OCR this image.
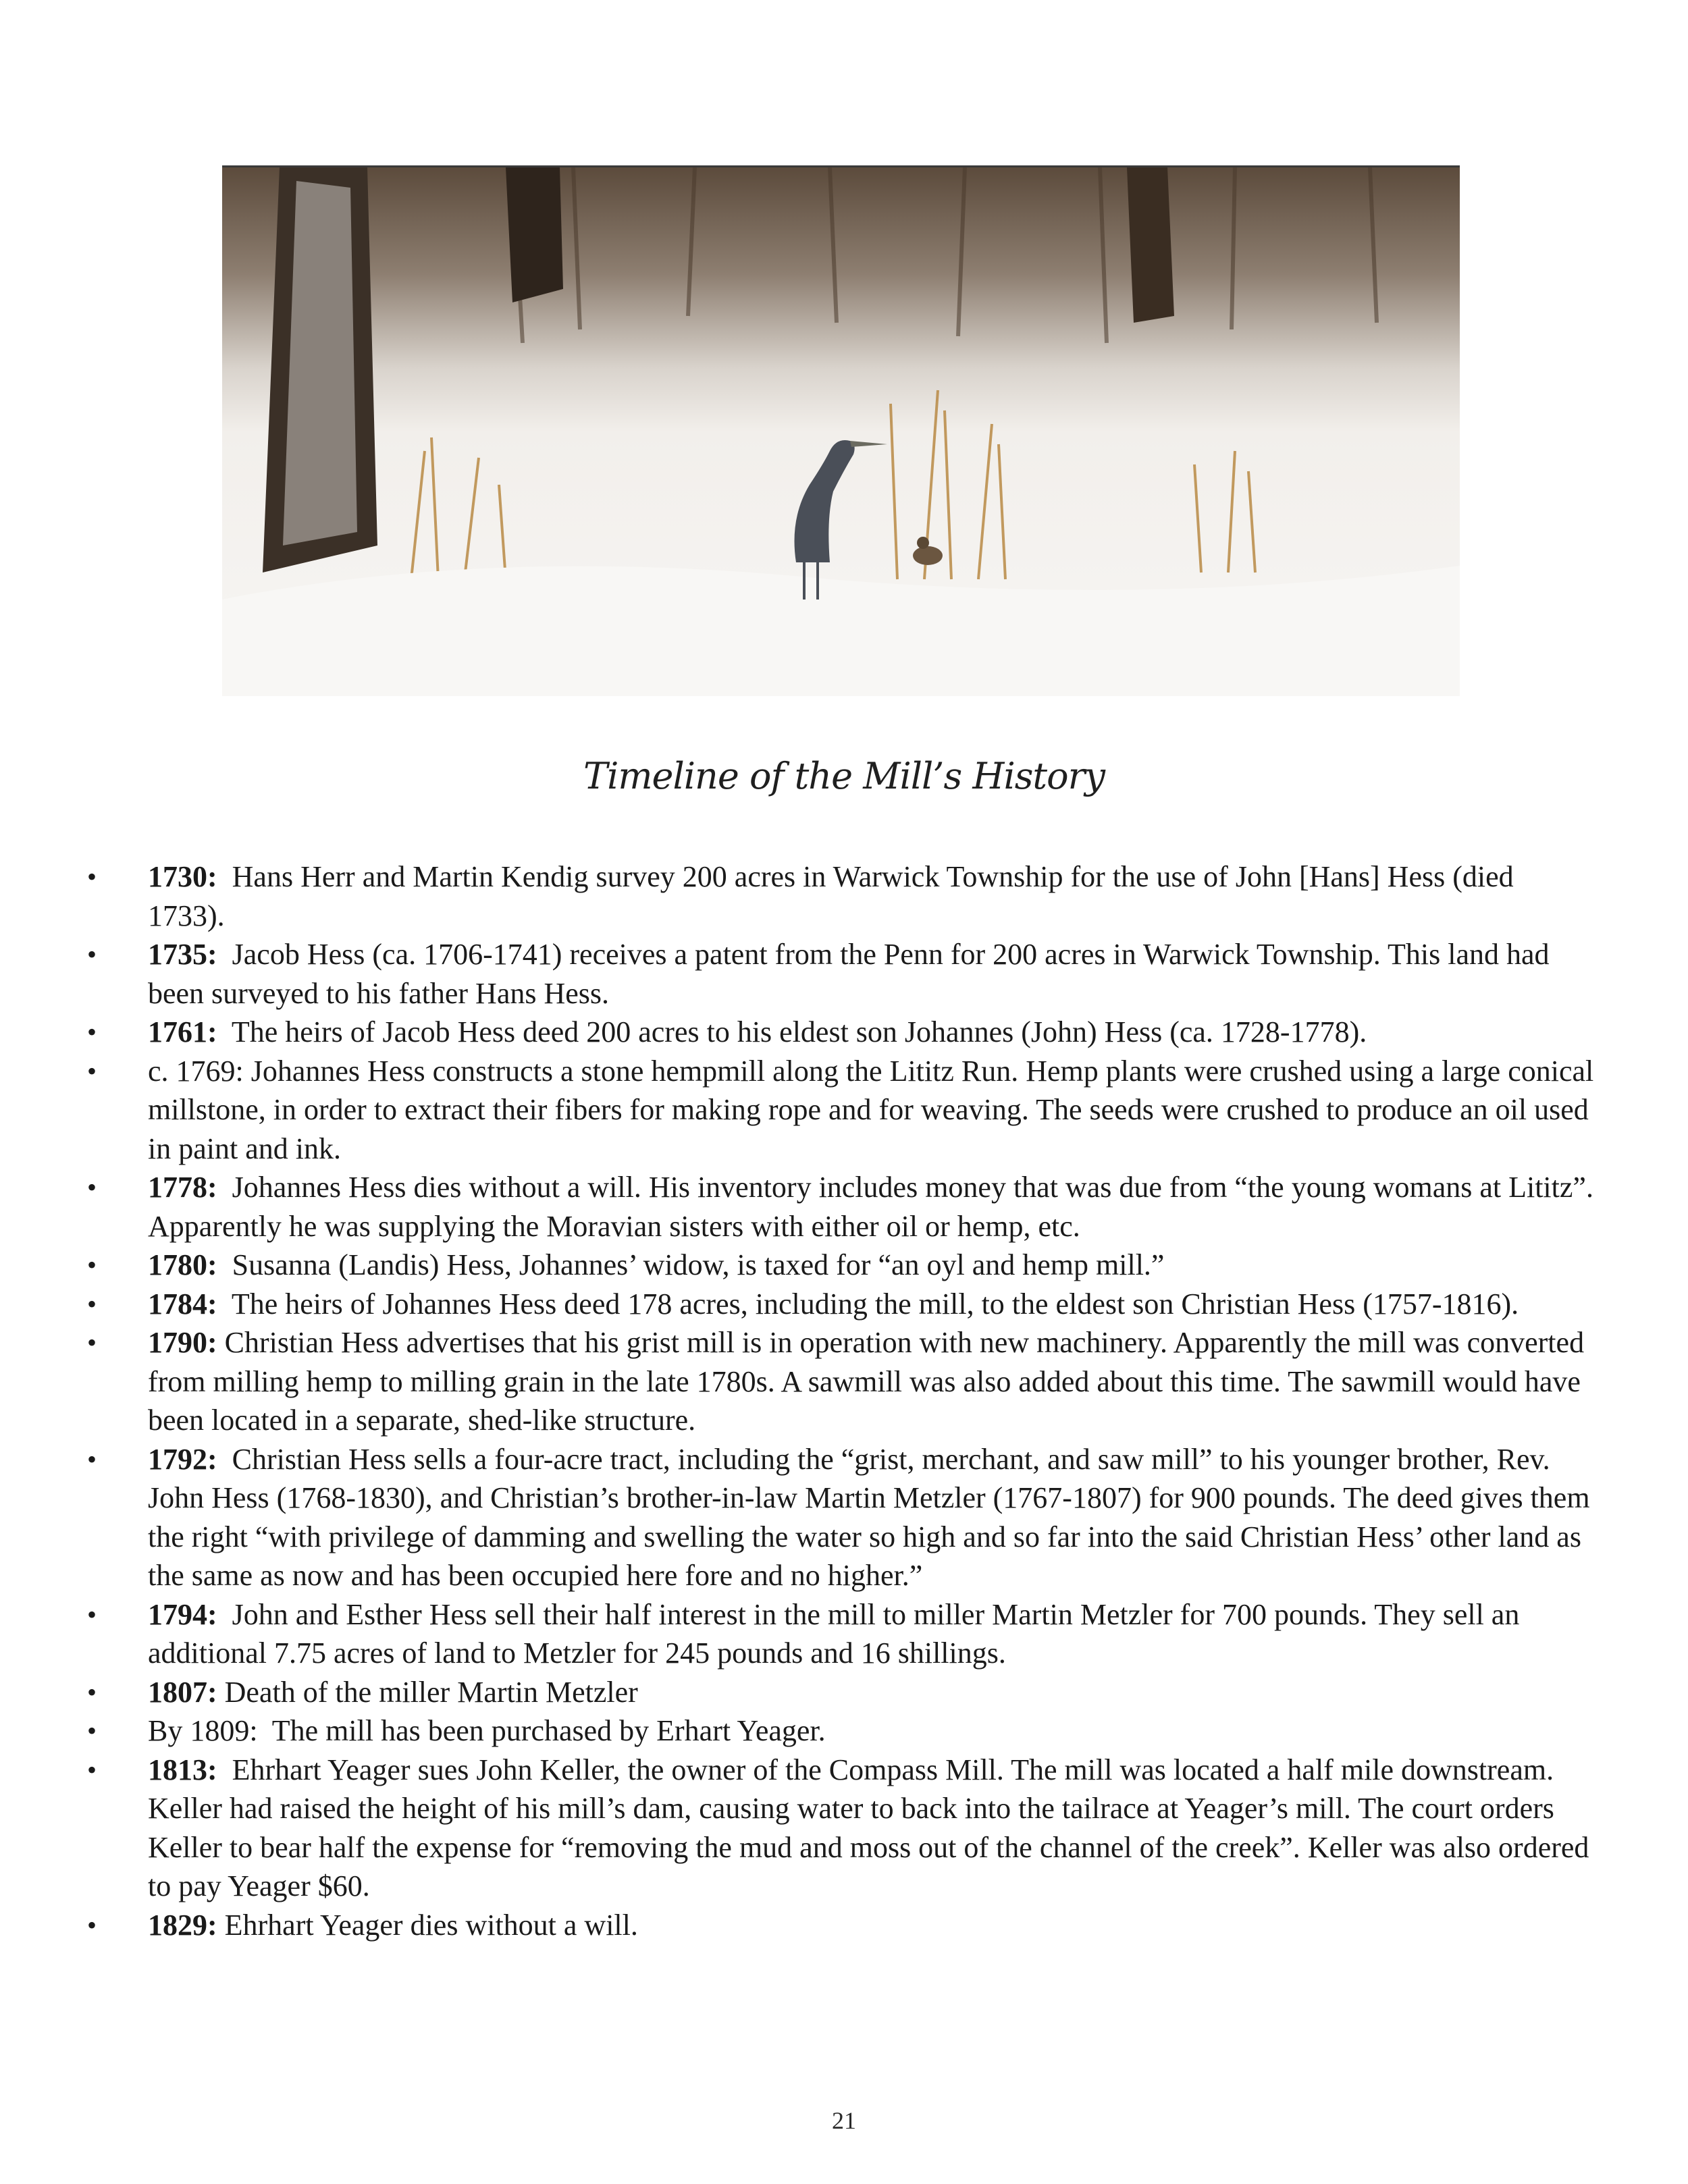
Timeline of the Mill’s History
• 1730:  Hans Herr and Martin Kendig survey 200 acres in Warwick Township for the use of John [Hans] Hess (died 1733).
• 1735:  Jacob Hess (ca. 1706-1741) receives a patent from the Penn for 200 acres in Warwick Township. This land had been surveyed to his father Hans Hess.
• 1761:  The heirs of Jacob Hess deed 200 acres to his eldest son Johannes (John) Hess (ca. 1728-1778).
• c. 1769: Johannes Hess constructs a stone hempmill along the Lititz Run. Hemp plants were crushed using a large conical millstone, in order to extract their fibers for making rope and for weaving. The seeds were crushed to produce an oil used in paint and ink.
• 1778:  Johannes Hess dies without a will. His inventory includes money that was due from “the young womans at Lititz”. Apparently he was supplying the Moravian sisters with either oil or hemp, etc.
• 1780:  Susanna (Landis) Hess, Johannes’ widow, is taxed for “an oyl and hemp mill.”
• 1784:  The heirs of Johannes Hess deed 178 acres, including the mill, to the eldest son Christian Hess (1757-1816).
• 1790: Christian Hess advertises that his grist mill is in operation with new machinery. Apparently the mill was converted from milling hemp to milling grain in the late 1780s. A sawmill was also added about this time. The sawmill would have been located in a separate, shed-like structure.
• 1792:  Christian Hess sells a four-acre tract, including the “grist, merchant, and saw mill” to his younger brother, Rev. John Hess (1768-1830), and Christian’s brother-in-law Martin Metzler (1767-1807) for 900 pounds. The deed gives them the right “with privilege of damming and swelling the water so high and so far into the said Christian Hess’ other land as the same as now and has been occupied here fore and no higher.”
• 1794:  John and Esther Hess sell their half interest in the mill to miller Martin Metzler for 700 pounds. They sell an additional 7.75 acres of land to Metzler for 245 pounds and 16 shillings.
• 1807: Death of the miller Martin Metzler
• By 1809:  The mill has been purchased by Erhart Yeager.
• 1813:  Ehrhart Yeager sues John Keller, the owner of the Compass Mill. The mill was located a half mile downstream. Keller had raised the height of his mill’s dam, causing water to back into the tailrace at Yeager’s mill. The court orders Keller to bear half the expense for “removing the mud and moss out of the channel of the creek”. Keller was also ordered to pay Yeager $60.
• 1829: Ehrhart Yeager dies without a will.
21
